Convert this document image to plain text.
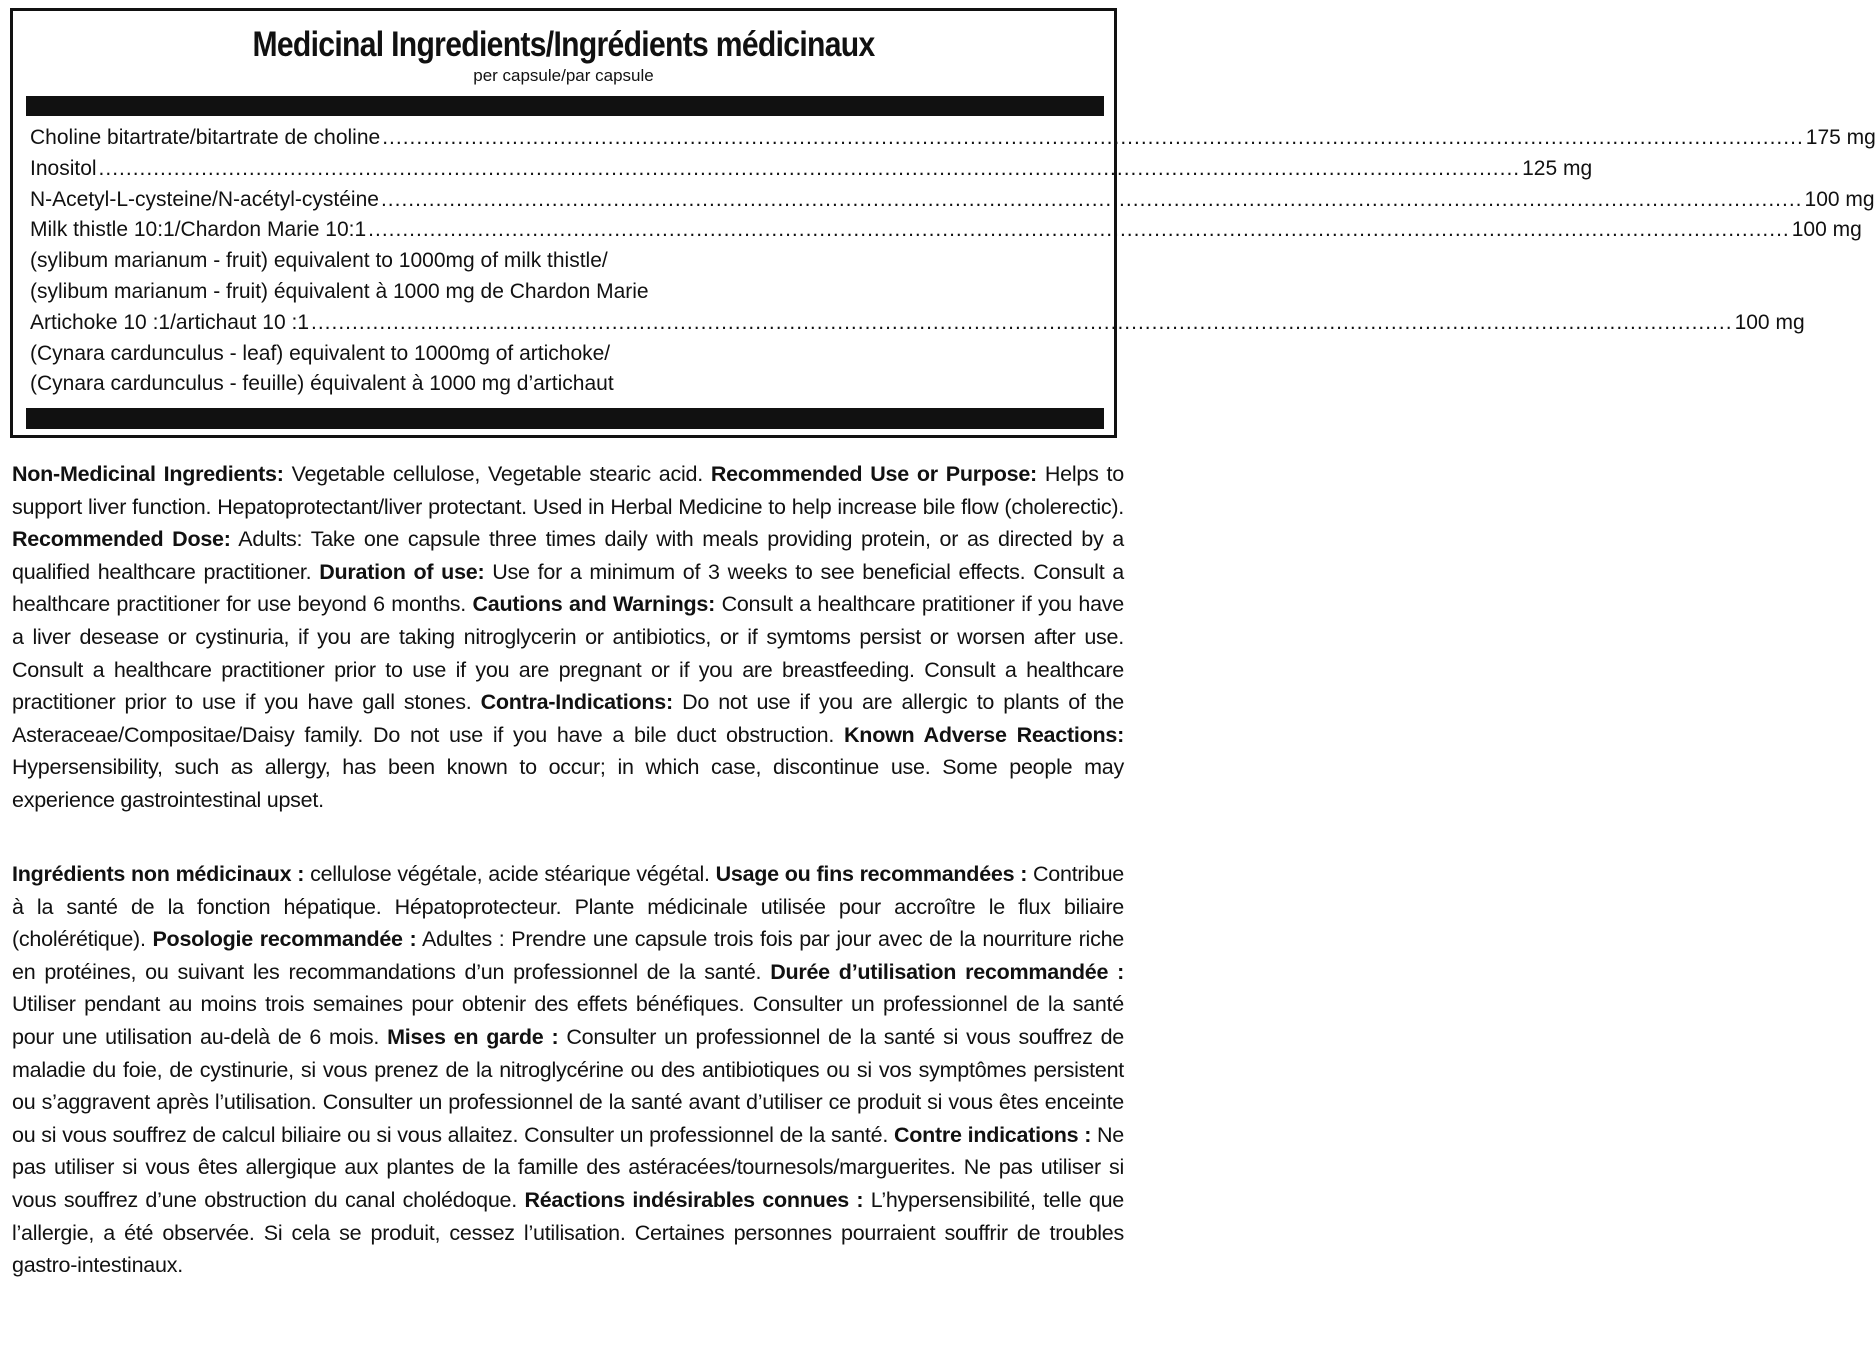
Medicinal Ingredients/Ingrédients médicinaux
per capsule/par capsule
Choline bitartrate/bitartrate de choline ................................................................................................................................................................................................................ 175 mg
Inositol ................................................................................................................................................................................................................ 125 mg
N-Acetyl-L-cysteine/N-acétyl-cystéine ................................................................................................................................................................................................................ 100 mg
Milk thistle 10:1/Chardon Marie 10:1 ................................................................................................................................................................................................................ 100 mg
(sylibum marianum - fruit) equivalent to 1000mg of milk thistle/
(sylibum marianum - fruit) équivalent à 1000 mg de Chardon Marie
Artichoke 10 :1/artichaut 10 :1 ................................................................................................................................................................................................................ 100 mg
(Cynara cardunculus - leaf) equivalent to 1000mg of artichoke/
(Cynara cardunculus - feuille) équivalent à 1000 mg d’artichaut
Non-Medicinal Ingredients: Vegetable cellulose, Vegetable stearic acid. Recommended Use or Purpose: Helps to support liver function. Hepatoprotectant/liver protectant. Used in Herbal Medicine to help increase bile flow (cholerectic). Recommended Dose: Adults: Take one capsule three times daily with meals providing protein, or as directed by a qualified healthcare practitioner. Duration of use: Use for a minimum of 3 weeks to see beneficial effects. Consult a healthcare practitioner for use beyond 6 months. Cautions and Warnings: Consult a healthcare pratitioner if you have a liver desease or cystinuria, if you are taking nitroglycerin or antibiotics, or if symtoms persist or worsen after use. Consult a healthcare practitioner prior to use if you are pregnant or if you are breastfeeding. Consult a healthcare practitioner prior to use if you have gall stones. Contra-Indications: Do not use if you are allergic to plants of the Asteraceae/Compositae/Daisy family. Do not use if you have a bile duct obstruction. Known Adverse Reactions: Hypersensibility, such as allergy, has been known to occur; in which case, discontinue use. Some people may experience gastrointestinal upset.
Ingrédients non médicinaux : cellulose végétale, acide stéarique végétal. Usage ou fins recommandées : Contribue à la santé de la fonction hépatique. Hépatoprotecteur. Plante médicinale utilisée pour accroître le flux biliaire (cholérétique). Posologie recommandée : Adultes : Prendre une capsule trois fois par jour avec de la nourriture riche en protéines, ou suivant les recommandations d’un professionnel de la santé. Durée d’utilisation recommandée : Utiliser pendant au moins trois semaines pour obtenir des effets bénéfiques. Consulter un professionnel de la santé pour une utilisation au-delà de 6 mois. Mises en garde : Consulter un professionnel de la santé si vous souffrez de maladie du foie, de cystinurie, si vous prenez de la nitroglycérine ou des antibiotiques ou si vos symptômes persistent ou s’aggravent après l’utilisation. Consulter un professionnel de la santé avant d’utiliser ce produit si vous êtes enceinte ou si vous souffrez de calcul biliaire ou si vous allaitez. Consulter un professionnel de la santé. Contre indications : Ne pas utiliser si vous êtes allergique aux plantes de la famille des astéracées/tournesols/marguerites. Ne pas utiliser si vous souffrez d’une obstruction du canal cholédoque. Réactions indésirables connues : L’hypersensibilité, telle que l’allergie, a été observée. Si cela se produit, cessez l’utilisation. Certaines personnes pourraient souffrir de troubles gastro-intestinaux.
